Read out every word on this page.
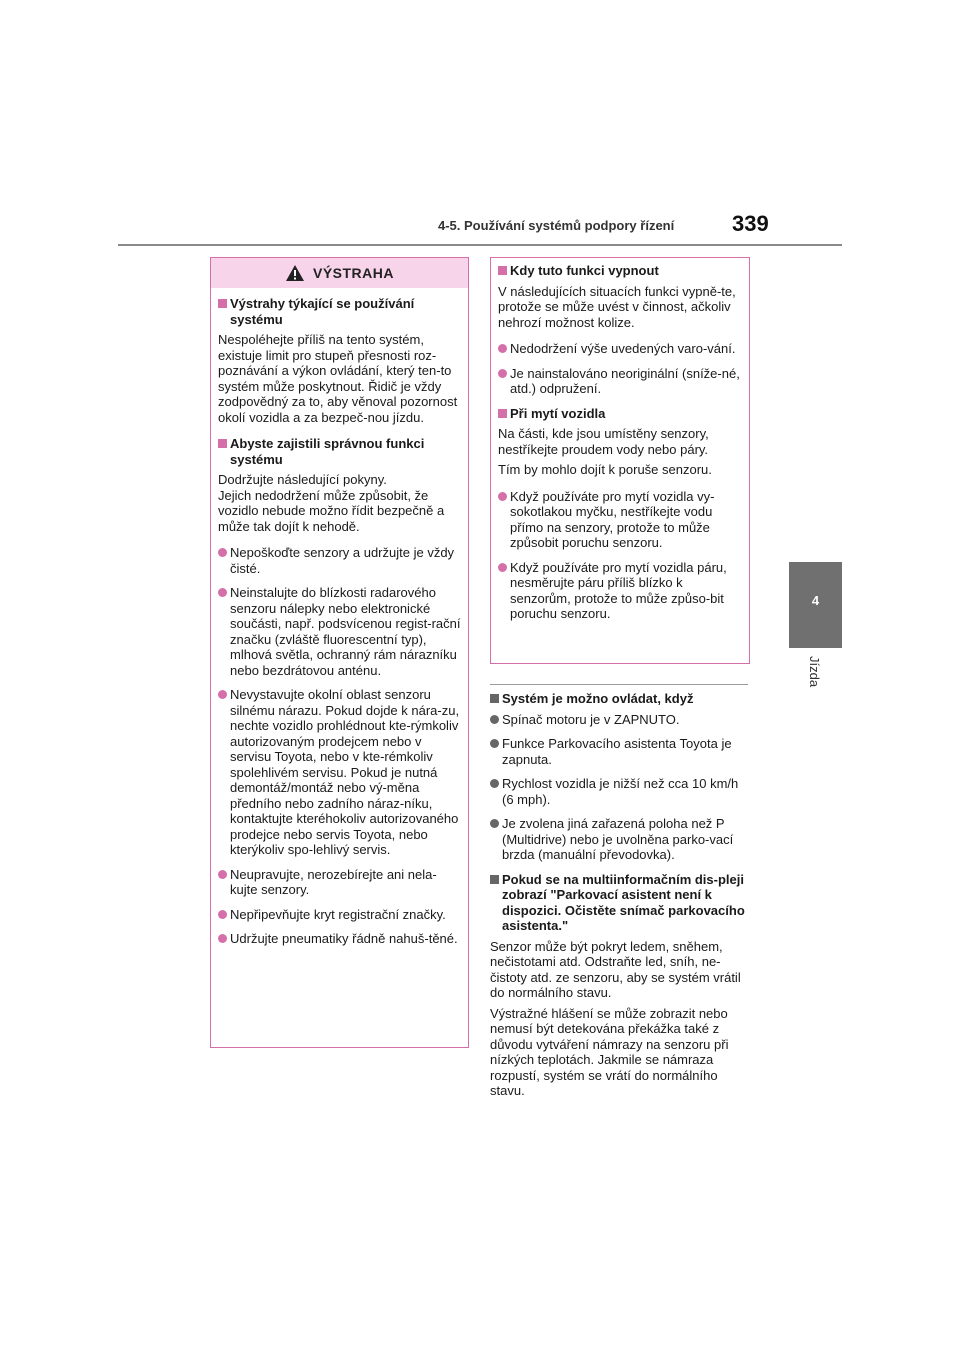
4-5. Používání systémů podpory řízení	339
4
Jízda
VÝSTRAHA
Výstrahy týkající se používání systému
Nespoléhejte příliš na tento systém, existuje limit pro stupeň přesnosti roz-poznávání a výkon ovládání, který ten-to systém může poskytnout. Řidič je vždy zodpovědný za to, aby věnoval pozornost okolí vozidla a za bezpeč-nou jízdu.
Abyste zajistili správnou funkci systému
Dodržujte následující pokyny.
Jejich nedodržení může způsobit, že vozidlo nebude možno řídit bezpečně a může tak dojít k nehodě.
Nepoškoďte senzory a udržujte je vždy čisté.
Neinstalujte do blízkosti radarového senzoru nálepky nebo elektronické součásti, např. podsvícenou regist-rační značku (zvláště fluorescentní typ), mlhová světla, ochranný rám nárazníku nebo bezdrátovou anténu.
Nevystavujte okolní oblast senzoru silnému nárazu. Pokud dojde k nára-zu, nechte vozidlo prohlédnout kte-rýmkoliv autorizovaným prodejcem nebo v servisu Toyota, nebo v kte-rémkoliv spolehlivém servisu. Pokud je nutná demontáž/montáž nebo vý-měna předního nebo zadního náraz-níku, kontaktujte kteréhokoliv autorizovaného prodejce nebo servis Toyota, nebo kterýkoliv spo-lehlivý servis.
Neupravujte, nerozebírejte ani nela-kujte senzory.
Nepřipevňujte kryt registrační značky.
Udržujte pneumatiky řádně nahuš-těné.
Kdy tuto funkci vypnout
V následujících situacích funkci vypně-te, protože se může uvést v činnost, ačkoliv nehrozí možnost kolize.
Nedodržení výše uvedených varo-vání.
Je nainstalováno neoriginální (sníže-né, atd.) odpružení.
Při mytí vozidla
Na části, kde jsou umístěny senzory, nestříkejte proudem vody nebo páry.
Tím by mohlo dojít k poruše senzoru.
Když používáte pro mytí vozidla vy-sokotlakou myčku, nestříkejte vodu přímo na senzory, protože to může způsobit poruchu senzoru.
Když používáte pro mytí vozidla páru, nesměrujte páru příliš blízko k senzorům, protože to může způso-bit poruchu senzoru.
Systém je možno ovládat, když
Spínač motoru je v ZAPNUTO.
Funkce Parkovacího asistenta Toyota je zapnuta.
Rychlost vozidla je nižší než cca 10 km/h (6 mph).
Je zvolena jiná zařazená poloha než P (Multidrive) nebo je uvolněna parko-vací brzda (manuální převodovka).
Pokud se na multiinformačním dis-pleji zobrazí "Parkovací asistent není k dispozici. Očistěte snímač parkovacího asistenta."
Senzor může být pokryt ledem, sněhem, nečistotami atd. Odstraňte led, sníh, ne-čistoty atd. ze senzoru, aby se systém vrátil do normálního stavu.
Výstražné hlášení se může zobrazit nebo nemusí být detekována překážka také z důvodu vytváření námrazy na senzoru při nízkých teplotách. Jakmile se námraza rozpustí, systém se vrátí do normálního stavu.
